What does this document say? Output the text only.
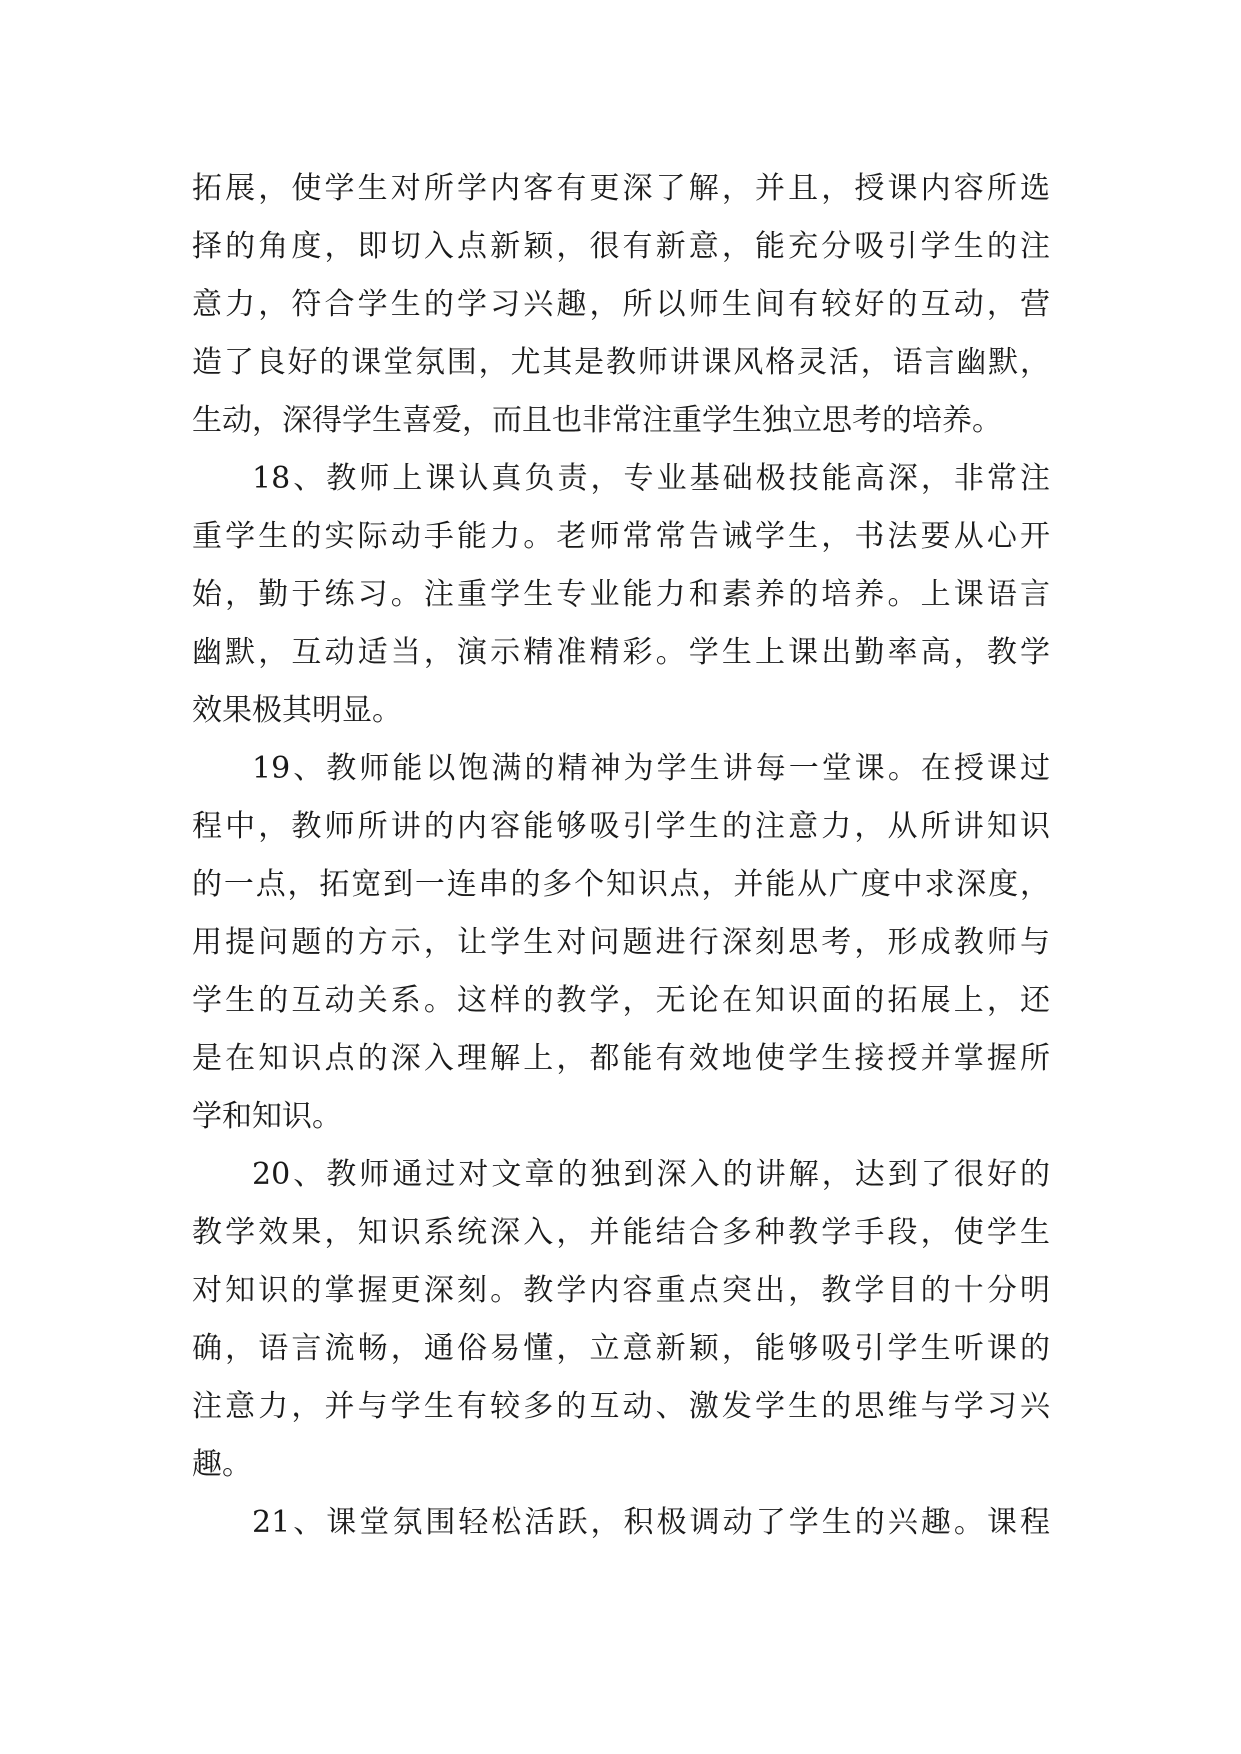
拓展，使学生对所学内客有更深了解，并且，授课内容所选
择的角度，即切入点新颖，很有新意，能充分吸引学生的注
意力，符合学生的学习兴趣，所以师生间有较好的互动，营
造了良好的课堂氛围，尤其是教师讲课风格灵活，语言幽默，
生动，深得学生喜爱，而且也非常注重学生独立思考的培养。

18、教师上课认真负责，专业基础极技能高深，非常注
重学生的实际动手能力。老师常常告诫学生，书法要从心开
始，勤于练习。注重学生专业能力和素养的培养。上课语言
幽默，互动适当，演示精准精彩。学生上课出勤率高，教学
效果极其明显。

19、教师能以饱满的精神为学生讲每一堂课。在授课过
程中，教师所讲的内容能够吸引学生的注意力，从所讲知识
的一点，拓宽到一连串的多个知识点，并能从广度中求深度，
用提问题的方示，让学生对问题进行深刻思考，形成教师与
学生的互动关系。这样的教学，无论在知识面的拓展上，还
是在知识点的深入理解上，都能有效地使学生接授并掌握所
学和知识。

20、教师通过对文章的独到深入的讲解，达到了很好的
教学效果，知识系统深入，并能结合多种教学手段，使学生
对知识的掌握更深刻。教学内容重点突出，教学目的十分明
确，语言流畅，通俗易懂，立意新颖，能够吸引学生听课的
注意力，并与学生有较多的互动、激发学生的思维与学习兴
趣。

21、课堂氛围轻松活跃，积极调动了学生的兴趣。课程
